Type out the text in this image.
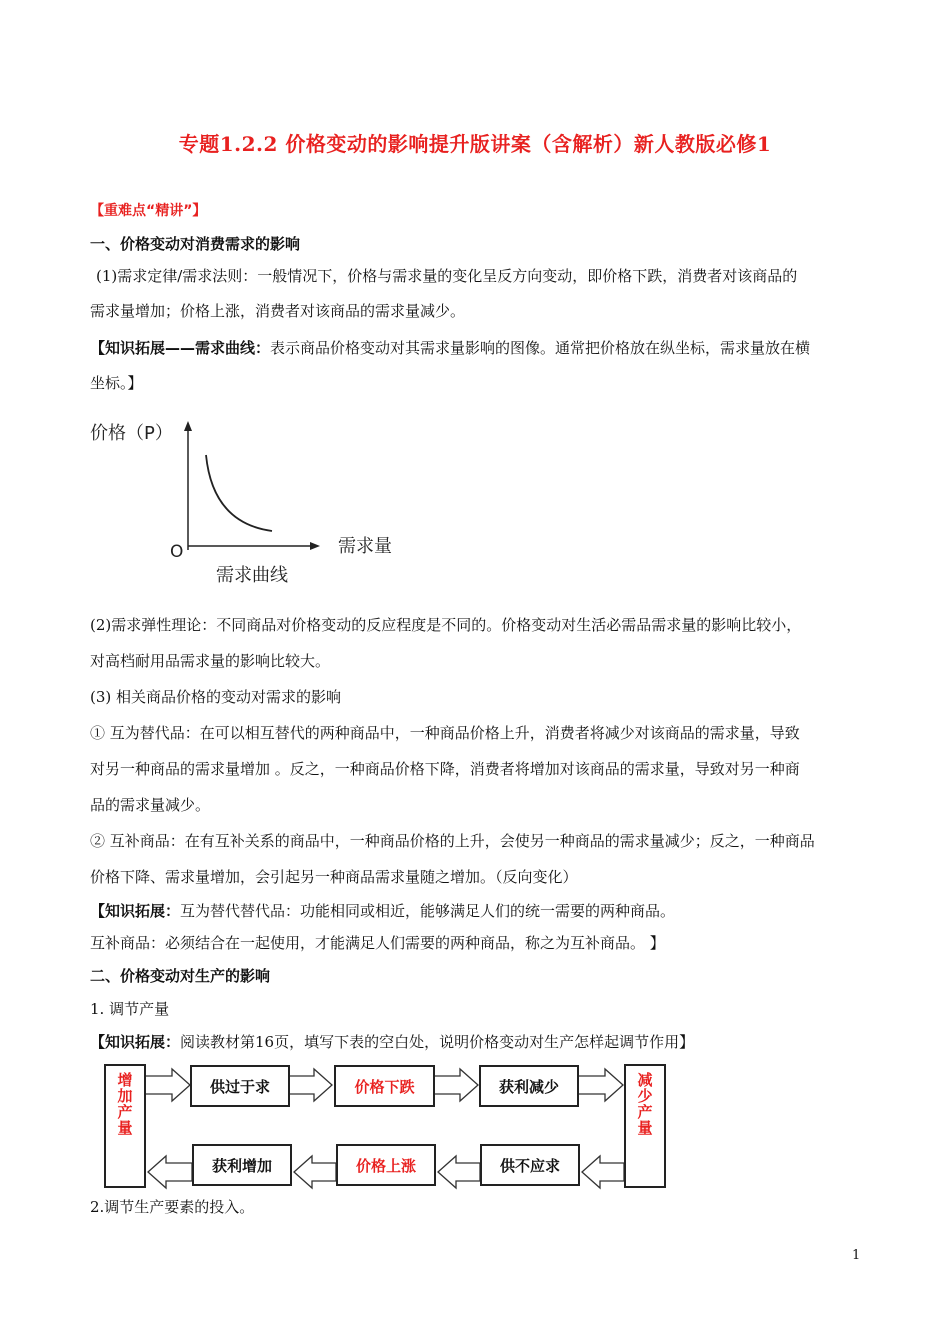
专题1.2.2 价格变动的影响提升版讲案（含解析）新人教版必修1
【重难点“精讲”】
一、价格变动对消费需求的影响
(1)需求定律/需求法则：一般情况下，价格与需求量的变化呈反方向变动，即价格下跌，消费者对该商品的
需求量增加；价格上涨，消费者对该商品的需求量减少。
【知识拓展——需求曲线：表示商品价格变动对其需求量影响的图像。通常把价格放在纵坐标，需求量放在横
坐标。】
价格（P）
O	需求量
需求曲线
(2)需求弹性理论：不同商品对价格变动的反应程度是不同的。价格变动对生活必需品需求量的影响比较小，
对高档耐用品需求量的影响比较大。
(3) 相关商品价格的变动对需求的影响
① 互为替代品：在可以相互替代的两种商品中，一种商品价格上升，消费者将减少对该商品的需求量，导致
对另一种商品的需求量增加 。反之，一种商品价格下降，消费者将增加对该商品的需求量，导致对另一种商
品的需求量减少。
② 互补商品：在有互补关系的商品中，一种商品价格的上升，会使另一种商品的需求量减少；反之，一种商品
价格下降、需求量增加，会引起另一种商品需求量随之增加。（反向变化）
【知识拓展：互为替代替代品：功能相同或相近，能够满足人们的统一需要的两种商品。
互补商品：必须结合在一起使用，才能满足人们需要的两种商品，称之为互补商品。 】
二、价格变动对生产的影响
1. 调节产量
【知识拓展：阅读教材第16页，填写下表的空白处，说明价格变动对生产怎样起调节作用】
增加产量	减少产量
供过于求	价格下跌	获利减少
获利增加	价格上涨	供不应求
2.调节生产要素的投入。
1
